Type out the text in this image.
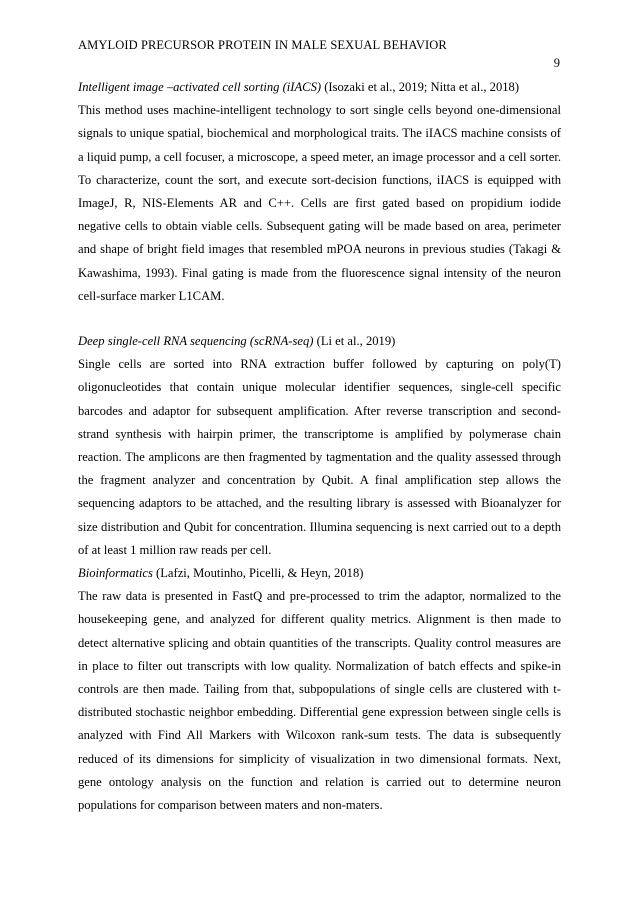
AMYLOID PRECURSOR PROTEIN IN MALE SEXUAL BEHAVIOR
9

Intelligent image –activated cell sorting (iIACS) (Isozaki et al., 2019; Nitta et al., 2018)

This method uses machine-intelligent technology to sort single cells beyond one-dimensional signals to unique spatial, biochemical and morphological traits. The iIACS machine consists of a liquid pump, a cell focuser, a microscope, a speed meter, an image processor and a cell sorter. To characterize, count the sort, and execute sort-decision functions, iIACS is equipped with ImageJ, R, NIS-Elements AR and C++. Cells are first gated based on propidium iodide negative cells to obtain viable cells. Subsequent gating will be made based on area, perimeter and shape of bright field images that resembled mPOA neurons in previous studies (Takagi & Kawashima, 1993). Final gating is made from the fluorescence signal intensity of the neuron cell-surface marker L1CAM.

Deep single-cell RNA sequencing (scRNA-seq) (Li et al., 2019)

Single cells are sorted into RNA extraction buffer followed by capturing on poly(T) oligonucleotides that contain unique molecular identifier sequences, single-cell specific barcodes and adaptor for subsequent amplification. After reverse transcription and second-strand synthesis with hairpin primer, the transcriptome is amplified by polymerase chain reaction. The amplicons are then fragmented by tagmentation and the quality assessed through the fragment analyzer and concentration by Qubit. A final amplification step allows the sequencing adaptors to be attached, and the resulting library is assessed with Bioanalyzer for size distribution and Qubit for concentration. Illumina sequencing is next carried out to a depth of at least 1 million raw reads per cell.

Bioinformatics (Lafzi, Moutinho, Picelli, & Heyn, 2018)

The raw data is presented in FastQ and pre-processed to trim the adaptor, normalized to the housekeeping gene, and analyzed for different quality metrics. Alignment is then made to detect alternative splicing and obtain quantities of the transcripts. Quality control measures are in place to filter out transcripts with low quality. Normalization of batch effects and spike-in controls are then made. Tailing from that, subpopulations of single cells are clustered with t-distributed stochastic neighbor embedding. Differential gene expression between single cells is analyzed with Find All Markers with Wilcoxon rank-sum tests. The data is subsequently reduced of its dimensions for simplicity of visualization in two dimensional formats. Next, gene ontology analysis on the function and relation is carried out to determine neuron populations for comparison between maters and non-maters.
